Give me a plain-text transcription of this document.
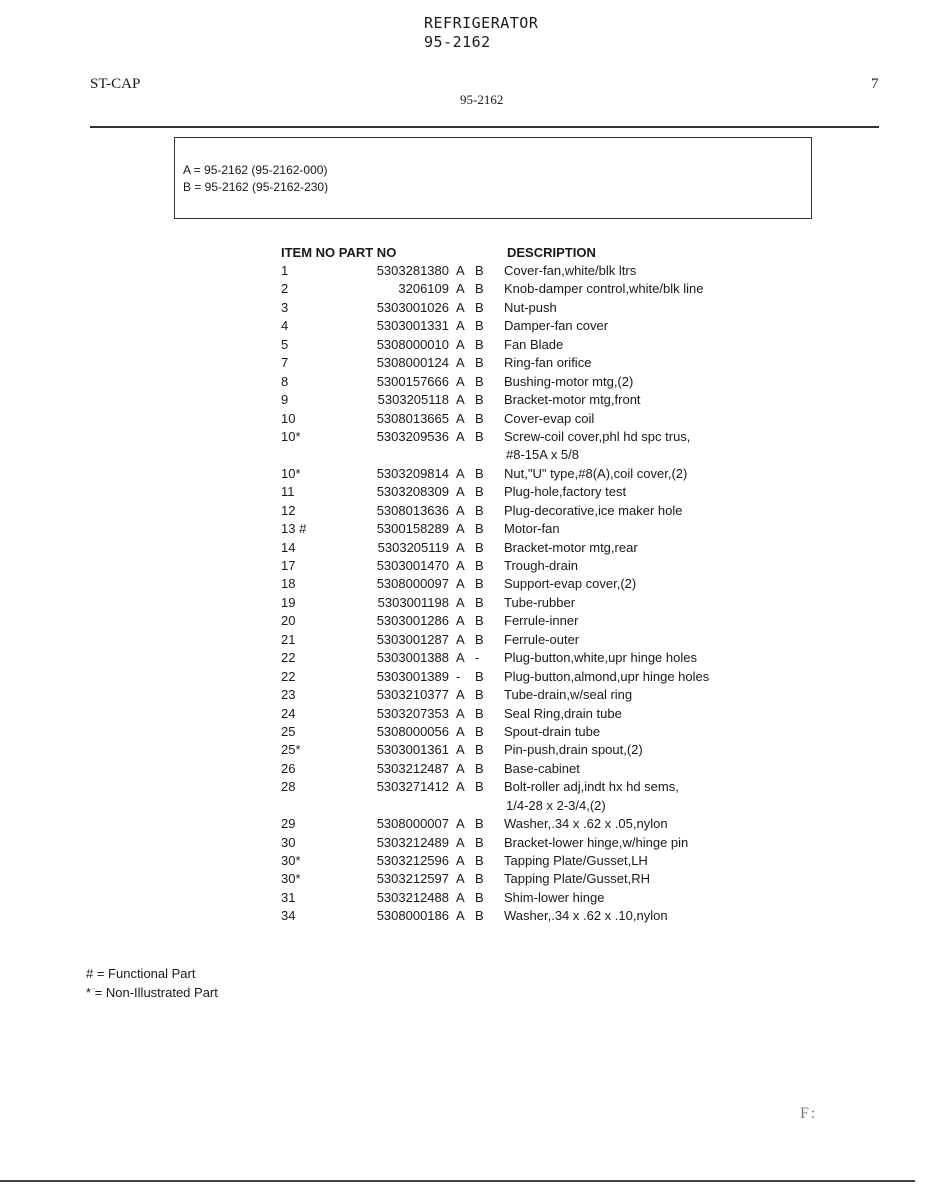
REFRIGERATOR
95-2162
ST-CAP	7
95-2162
A = 95-2162 (95-2162-000)
B = 95-2162 (95-2162-230)
ITEM NO PART NO	DESCRIPTION
1	5303281380 A B Cover-fan,white/blk ltrs
2	3206109 A B Knob-damper control,white/blk line
3	5303001026 A B Nut-push
4	5303001331 A B Damper-fan cover
5	5308000010 A B Fan Blade
7	5308000124 A B Ring-fan orifice
8	5300157666 A B Bushing-motor mtg,(2)
9	5303205118 A B Bracket-motor mtg,front
10	5308013665 A B Cover-evap coil
10*	5303209536 A B Screw-coil cover,phl hd spc trus,
#8-15A x 5/8
10*	5303209814 A B Nut,"U" type,#8(A),coil cover,(2)
11	5303208309 A B Plug-hole,factory test
12	5308013636 A B Plug-decorative,ice maker hole
13 #	5300158289 A B Motor-fan
14	5303205119 A B Bracket-motor mtg,rear
17	5303001470 A B Trough-drain
18	5308000097 A B Support-evap cover,(2)
19	5303001198 A B Tube-rubber
20	5303001286 A B Ferrule-inner
21	5303001287 A B Ferrule-outer
22	5303001388 A - Plug-button,white,upr hinge holes
22	5303001389 - B Plug-button,almond,upr hinge holes
23	5303210377 A B Tube-drain,w/seal ring
24	5303207353 A B Seal Ring,drain tube
25	5308000056 A B Spout-drain tube
25*	5303001361 A B Pin-push,drain spout,(2)
26	5303212487 A B Base-cabinet
28	5303271412 A B Bolt-roller adj,indt hx hd sems,
1/4-28 x 2-3/4,(2)
29	5308000007 A B Washer,.34 x .62 x .05,nylon
30	5303212489 A B Bracket-lower hinge,w/hinge pin
30*	5303212596 A B Tapping Plate/Gusset,LH
30*	5303212597 A B Tapping Plate/Gusset,RH
31	5303212488 A B Shim-lower hinge
34	5308000186 A B Washer,.34 x .62 x .10,nylon
# = Functional Part
* = Non-Illustrated Part
F:
